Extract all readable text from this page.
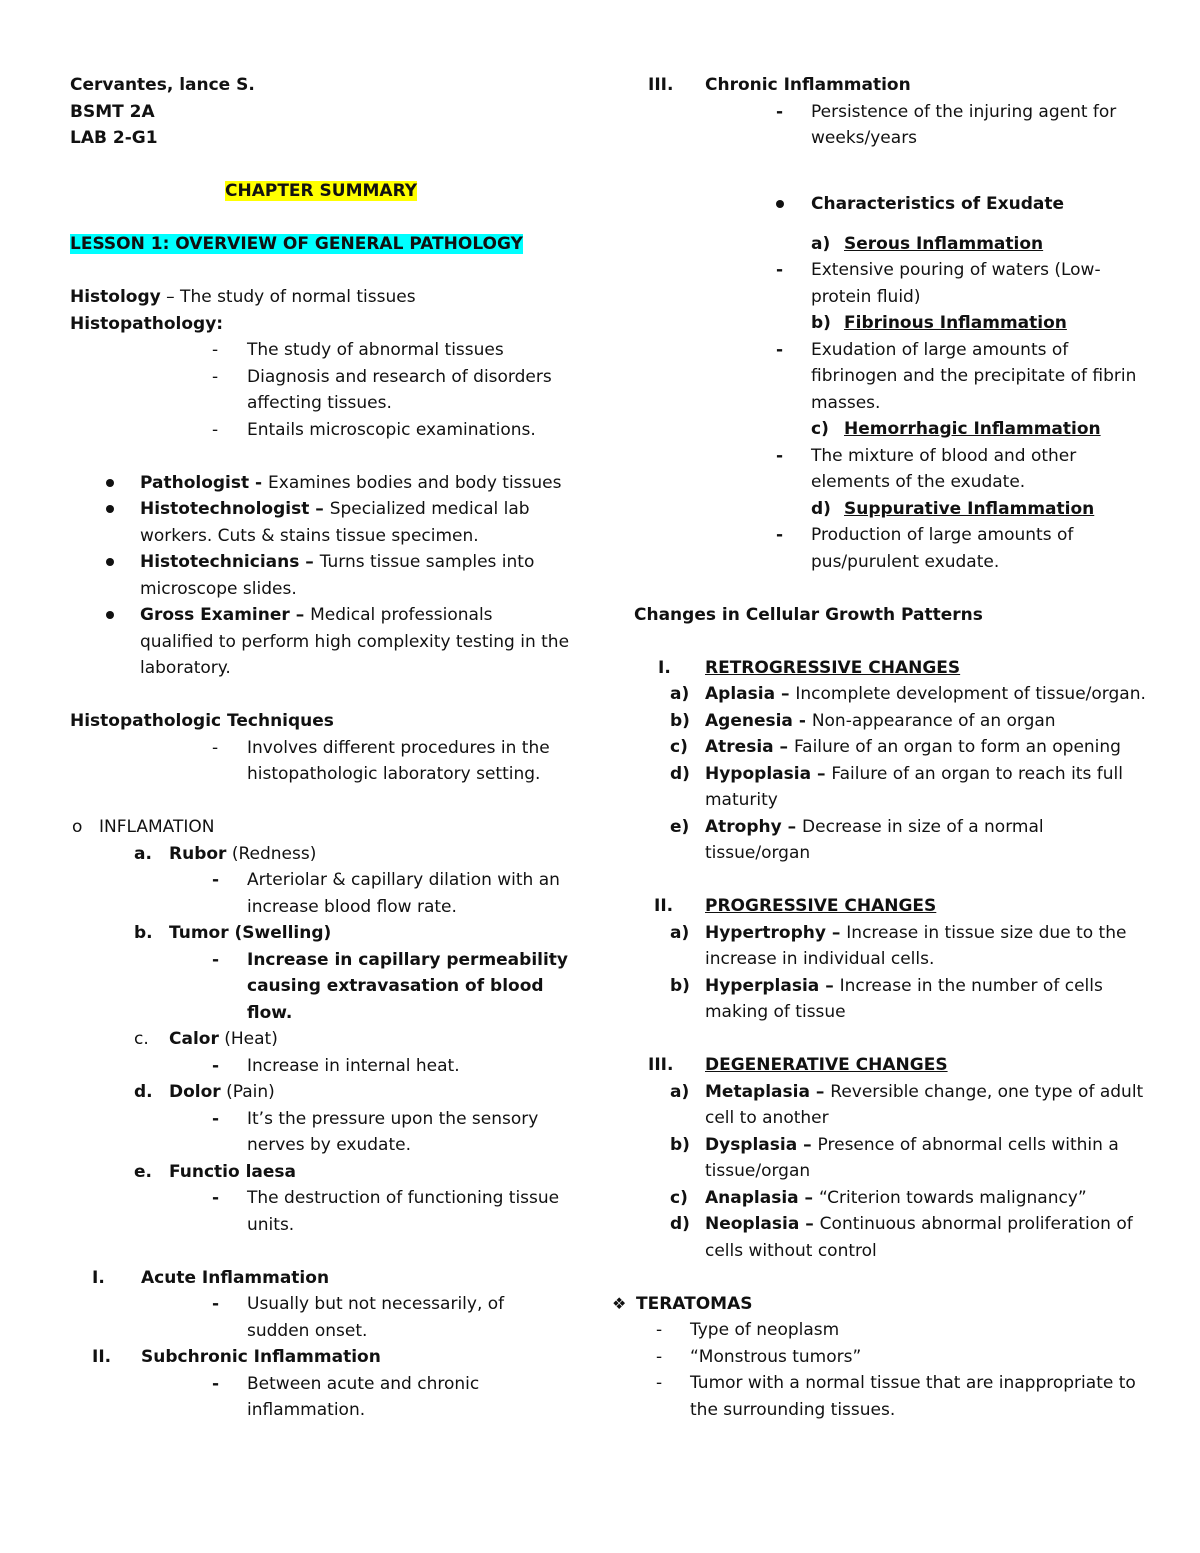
Cervantes, lance S.
BSMT 2A
LAB 2-G1
CHAPTER SUMMARY
LESSON 1: OVERVIEW OF GENERAL PATHOLOGY
Histology – The study of normal tissues
Histopathology:
- The study of abnormal tissues
- Diagnosis and research of disorders affecting tissues.
- Entails microscopic examinations.
Pathologist - Examines bodies and body tissues
Histotechnologist – Specialized medical lab workers. Cuts & stains tissue specimen.
Histotechnicians – Turns tissue samples into microscope slides.
Gross Examiner – Medical professionals qualified to perform high complexity testing in the laboratory.
Histopathologic Techniques
- Involves different procedures in the histopathologic laboratory setting.
o INFLAMATION
a. Rubor (Redness)
- Arteriolar & capillary dilation with an increase blood flow rate.
b. Tumor (Swelling)
- Increase in capillary permeability causing extravasation of blood flow.
c. Calor (Heat)
- Increase in internal heat.
d. Dolor (Pain)
- It’s the pressure upon the sensory nerves by exudate.
e. Functio laesa
- The destruction of functioning tissue units.
I. Acute Inflammation
- Usually but not necessarily, of sudden onset.
II. Subchronic Inflammation
- Between acute and chronic inflammation.
III. Chronic Inflammation
- Persistence of the injuring agent for weeks/years
Characteristics of Exudate
a) Serous Inflammation
- Extensive pouring of waters (Low-protein fluid)
b) Fibrinous Inflammation
- Exudation of large amounts of fibrinogen and the precipitate of fibrin masses.
c) Hemorrhagic Inflammation
- The mixture of blood and other elements of the exudate.
d) Suppurative Inflammation
- Production of large amounts of pus/purulent exudate.
Changes in Cellular Growth Patterns
I. RETROGRESSIVE CHANGES
a) Aplasia – Incomplete development of tissue/organ.
b) Agenesia - Non-appearance of an organ
c) Atresia – Failure of an organ to form an opening
d) Hypoplasia – Failure of an organ to reach its full maturity
e) Atrophy – Decrease in size of a normal tissue/organ
II. PROGRESSIVE CHANGES
a) Hypertrophy – Increase in tissue size due to the increase in individual cells.
b) Hyperplasia – Increase in the number of cells making of tissue
III. DEGENERATIVE CHANGES
a) Metaplasia – Reversible change, one type of adult cell to another
b) Dysplasia – Presence of abnormal cells within a tissue/organ
c) Anaplasia – “Criterion towards malignancy”
d) Neoplasia – Continuous abnormal proliferation of cells without control
❖ TERATOMAS
- Type of neoplasm
- “Monstrous tumors”
- Tumor with a normal tissue that are inappropriate to the surrounding tissues.
